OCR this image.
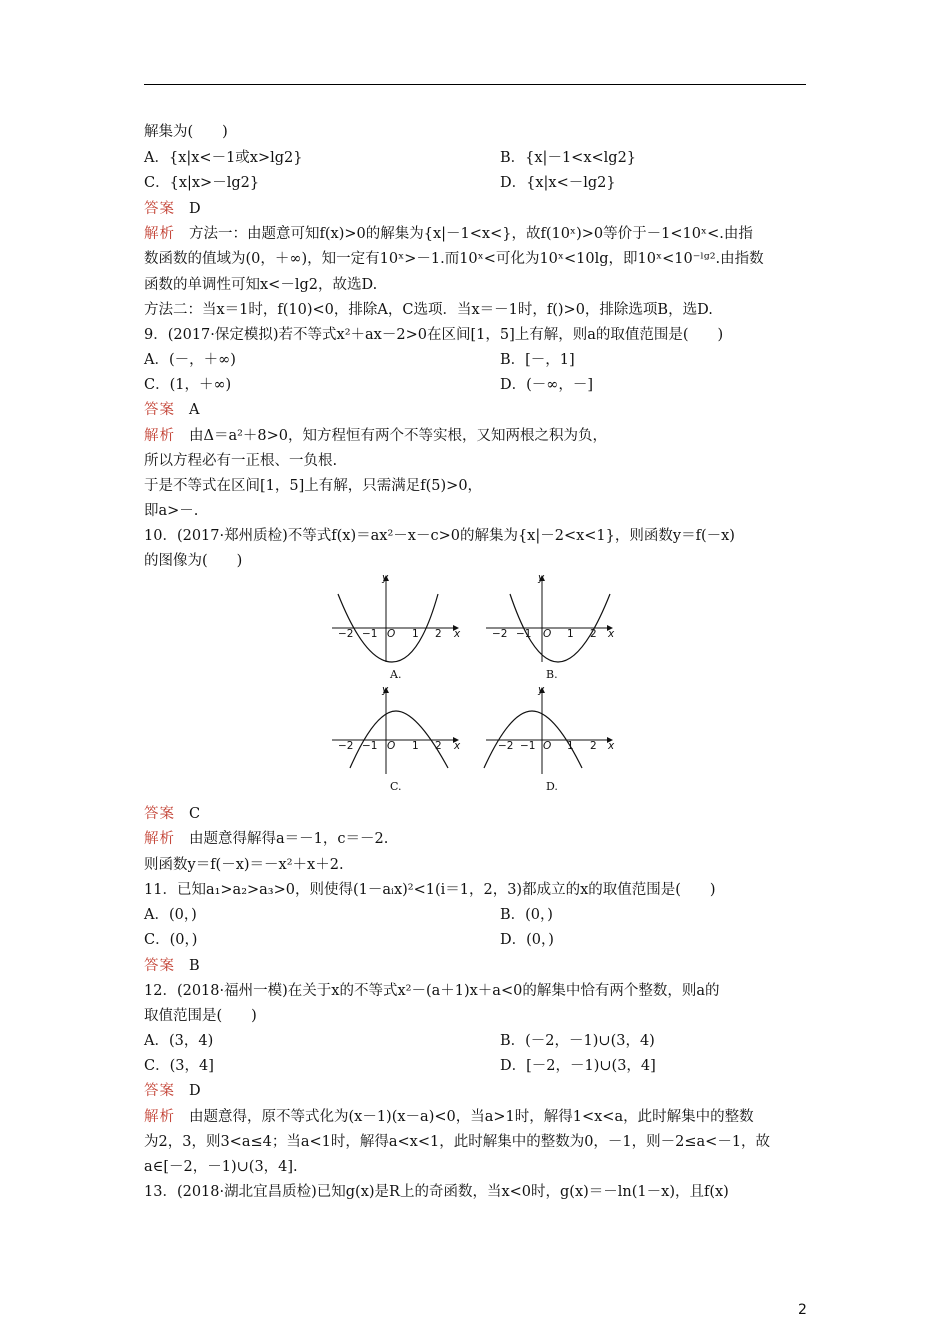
解集为(　　)
A．{x|x<－1或x>lg2}	B．{x|－1<x<lg2}
C．{x|x>－lg2}	D．{x|x<－lg2}
答案 D
解析 方法一：由题意可知f(x)>0的解集为{x|－1<x<}，故f(10ˣ)>0等价于－1<10ˣ<.由指
数函数的值域为(0，＋∞)，知一定有10ˣ>－1.而10ˣ<可化为10ˣ<10lg，即10ˣ<10⁻ˡᵍ².由指数
函数的单调性可知x<－lg2，故选D.
方法二：当x＝1时，f(10)<0，排除A，C选项．当x＝－1时，f()>0，排除选项B，选D.
9．(2017·保定模拟)若不等式x²＋ax－2>0在区间[1，5]上有解，则a的取值范围是(　　)
A．(－，＋∞)	B．[－，1]
C．(1，＋∞)	D．(－∞，－]
答案 A
解析 由Δ＝a²＋8>0，知方程恒有两个不等实根，又知两根之积为负，
所以方程必有一正根、一负根.
于是不等式在区间[1，5]上有解，只需满足f(5)>0，
即a>－.
10．(2017·郑州质检)不等式f(x)＝ax²－x－c>0的解集为{x|－2<x<1}，则函数y＝f(－x)
的图像为(　　)
y
x
O
−2 −1	1 2
A.
y
x
O
−2 −1	1 2
B.
y
x
O
−2 −1	1 2
C.
y
x
O
−2 −1	1 2
D.
答案 C
解析 由题意得解得a＝－1，c＝－2.
则函数y＝f(－x)＝－x²＋x＋2.
11．已知a₁>a₂>a₃>0，则使得(1－aᵢx)²<1(i＝1，2，3)都成立的x的取值范围是(　　)
A．(0，)	B．(0，)
C．(0，)	D．(0，)
答案 B
12．(2018·福州一模)在关于x的不等式x²－(a＋1)x＋a<0的解集中恰有两个整数，则a的
取值范围是(　　)
A．(3，4)	B．(－2，－1)∪(3，4)
C．(3，4]	D．[－2，－1)∪(3，4]
答案 D
解析 由题意得，原不等式化为(x－1)(x－a)<0，当a>1时，解得1<x<a，此时解集中的整数
为2，3，则3<a≤4；当a<1时，解得a<x<1，此时解集中的整数为0，－1，则－2≤a<－1，故
a∈[－2，－1)∪(3，4].
13．(2018·湖北宜昌质检)已知g(x)是R上的奇函数，当x<0时，g(x)＝－ln(1－x)，且f(x)
2
